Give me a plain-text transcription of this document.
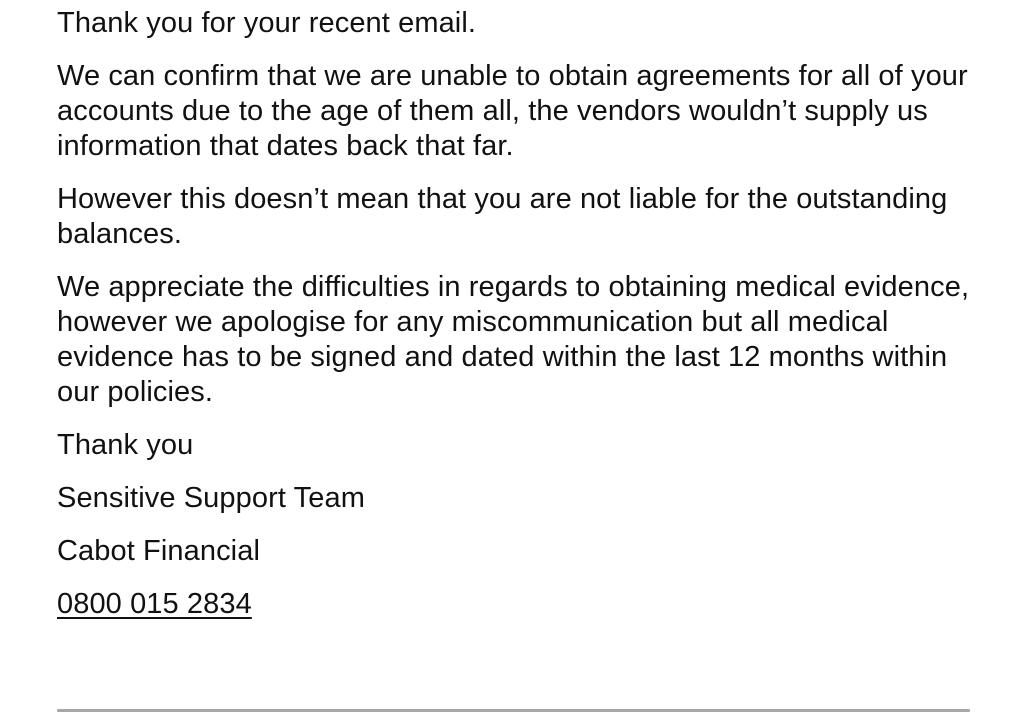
Thank you for your recent email.

We can confirm that we are unable to obtain agreements for all of your accounts due to the age of them all, the vendors wouldn’t supply us information that dates back that far.

However this doesn’t mean that you are not liable for the outstanding balances.

We appreciate the difficulties in regards to obtaining medical evidence, however we apologise for any miscommunication but all medical evidence has to be signed and dated within the last 12 months within our policies.

Thank you

Sensitive Support Team

Cabot Financial

0800 015 2834
